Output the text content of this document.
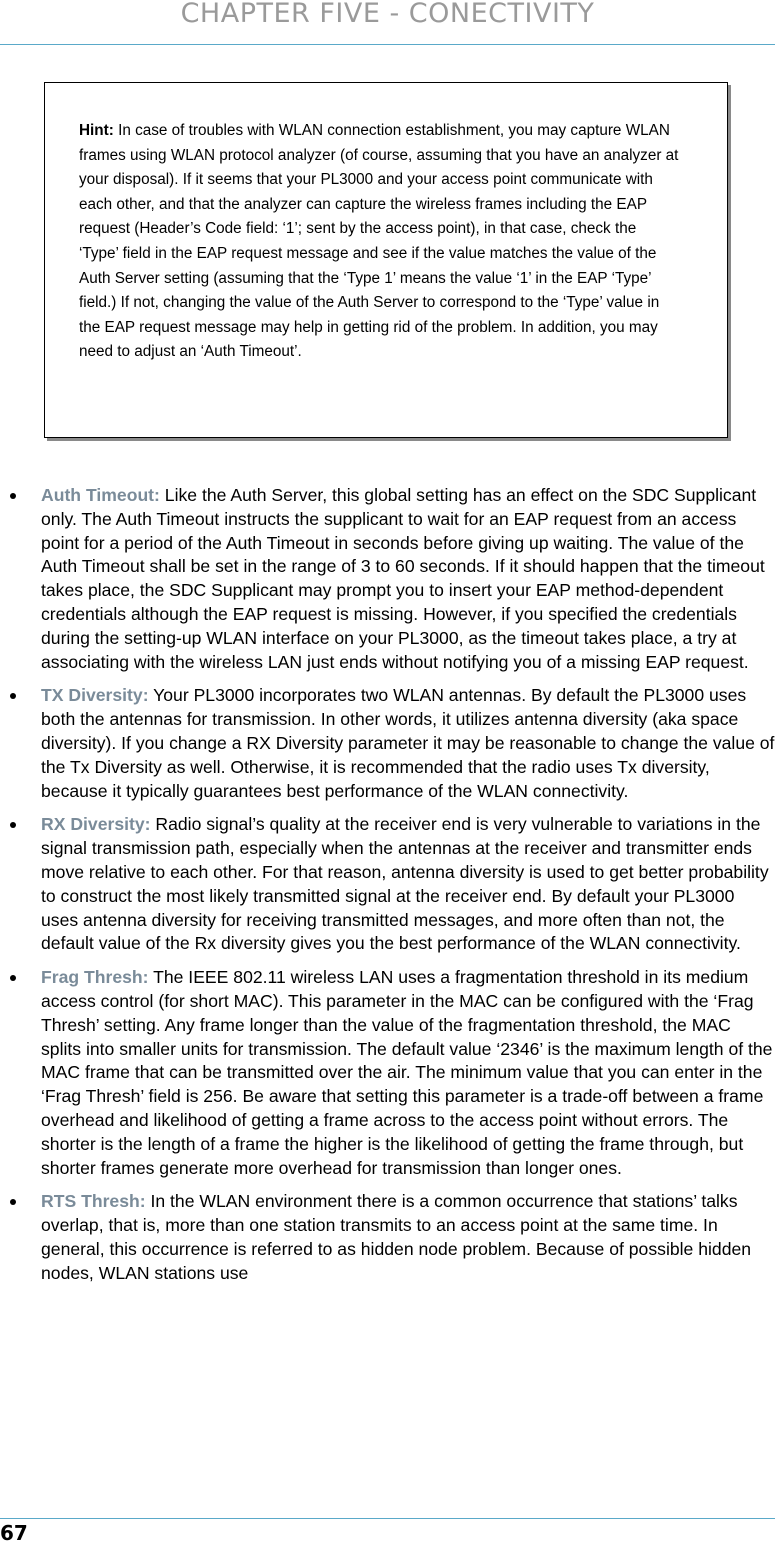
CHAPTER FIVE - CONECTIVITY
Hint: In case of troubles with WLAN connection establishment, you may capture WLAN frames using WLAN protocol analyzer (of course, assuming that you have an analyzer at your disposal). If it seems that your PL3000 and your access point communicate with each other, and that the analyzer can capture the wireless frames including the EAP request (Header’s Code field: ‘1’; sent by the access point), in that case, check the ‘Type’ field in the EAP request message and see if the value matches the value of the Auth Server setting (assuming that the ‘Type 1’ means the value ‘1’ in the EAP ‘Type’ field.) If not, changing the value of the Auth Server to correspond to the ‘Type’ value in the EAP request message may help in getting rid of the problem. In addition, you may need to adjust an ‘Auth Timeout’.
Auth Timeout: Like the Auth Server, this global setting has an effect on the SDC Supplicant only. The Auth Timeout instructs the supplicant to wait for an EAP request from an access point for a period of the Auth Timeout in seconds before giving up waiting. The value of the Auth Timeout shall be set in the range of 3 to 60 seconds. If it should happen that the timeout takes place, the SDC Supplicant may prompt you to insert your EAP method-dependent credentials although the EAP request is missing. However, if you specified the credentials during the setting-up WLAN interface on your PL3000, as the timeout takes place, a try at associating with the wireless LAN just ends without notifying you of a missing EAP request.
TX Diversity: Your PL3000 incorporates two WLAN antennas. By default the PL3000 uses both the antennas for transmission. In other words, it utilizes antenna diversity (aka space diversity). If you change a RX Diversity parameter it may be reasonable to change the value of the Tx Diversity as well. Otherwise, it is recommended that the radio uses Tx diversity, because it typically guarantees best performance of the WLAN connectivity.
RX Diversity: Radio signal’s quality at the receiver end is very vulnerable to variations in the signal transmission path, especially when the antennas at the receiver and transmitter ends move relative to each other. For that reason, antenna diversity is used to get better probability to construct the most likely transmitted signal at the receiver end. By default your PL3000 uses antenna diversity for receiving transmitted messages, and more often than not, the default value of the Rx diversity gives you the best performance of the WLAN connectivity.
Frag Thresh: The IEEE 802.11 wireless LAN uses a fragmentation threshold in its medium access control (for short MAC). This parameter in the MAC can be configured with the ‘Frag Thresh’ setting. Any frame longer than the value of the fragmentation threshold, the MAC splits into smaller units for transmission. The default value ‘2346’ is the maximum length of the MAC frame that can be transmitted over the air. The minimum value that you can enter in the ‘Frag Thresh’ field is 256. Be aware that setting this parameter is a trade-off between a frame overhead and likelihood of getting a frame across to the access point without errors. The shorter is the length of a frame the higher is the likelihood of getting the frame through, but shorter frames generate more overhead for transmission than longer ones.
RTS Thresh: In the WLAN environment there is a common occurrence that stations’ talks overlap, that is, more than one station transmits to an access point at the same time. In general, this occurrence is referred to as hidden node problem. Because of possible hidden nodes, WLAN stations use
67
